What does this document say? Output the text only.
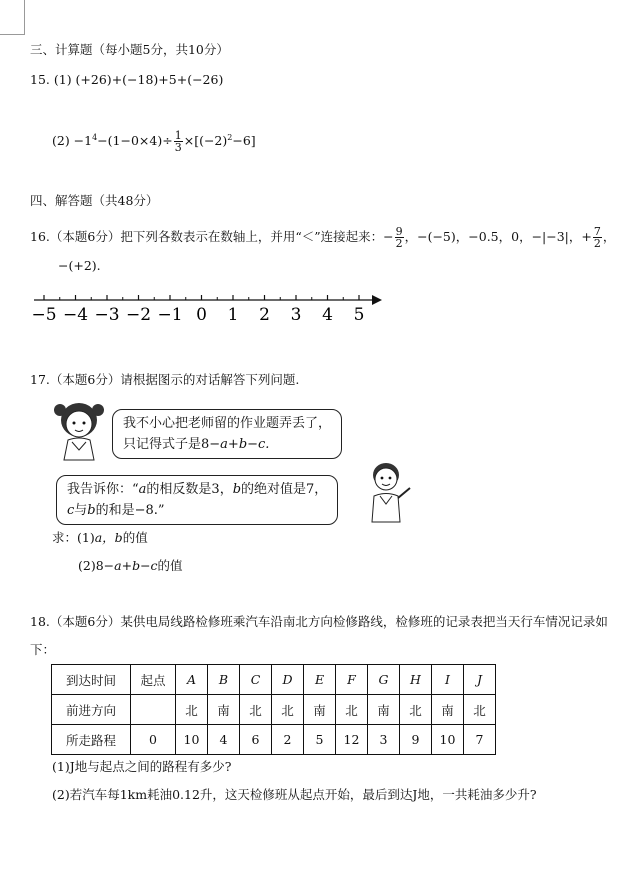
三、计算题（每小题5分，共10分）
15. (1) (+26)+(−18)+5+(−26)
$(2) -1^4-(1-0\times 4)\div \frac{1}{3} \times[(-2)^2-6]$
四、解答题（共48分）
16.（本题6分）把下列各数表示在数轴上，并用“＜”连接起来：− $\frac{9}{2}$ ，−(−5)，−0.5，0，−|−3|，+ $\frac{7}{2}$ ，
−(+2).
−5 −4 −3 −2 −1 0 1 2 3 4 5
17.（本题6分）请根据图示的对话解答下列问题.
我不小心把老师留的作业题弄丢了，
只记得式子是8−a+b−c.
我告诉你：“a的相反数是3，b的绝对值是7，
c与b的和是−8.”
求：(1)a，b的值
(2)8−a+b−c的值
18.（本题6分）某供电局线路检修班乘汽车沿南北方向检修路线，检修班的记录表把当天行车情况记录如
下：
到达时间	起点	A	B	C	D	E	F	G	H	I	J
前进方向		北	南	北	北	南	北	南	北	南	北
所走路程	0	10	4	6	2	5	12	3	9	10	7
(1)J地与起点之间的路程有多少?
(2)若汽车每1km耗油0.12升，这天检修班从起点开始，最后到达J地，一共耗油多少升?
